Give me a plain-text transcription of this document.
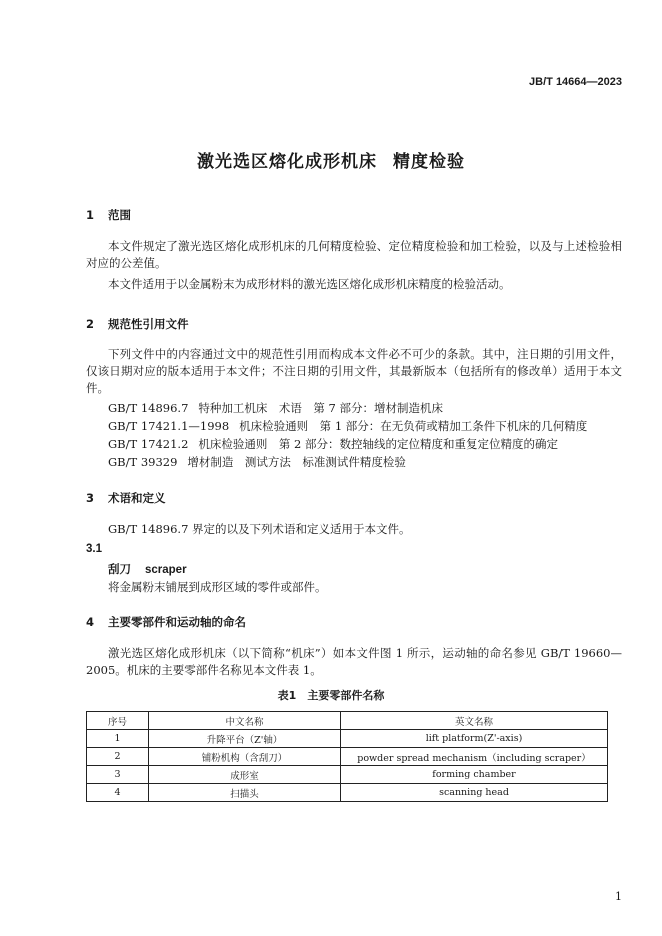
JB/T 14664—2023
激光选区熔化成形机床 精度检验
1 范围
本文件规定了激光选区熔化成形机床的几何精度检验、定位精度检验和加工检验，以及与上述检验相对应的公差值。
本文件适用于以金属粉末为成形材料的激光选区熔化成形机床精度的检验活动。
2 规范性引用文件
下列文件中的内容通过文中的规范性引用而构成本文件必不可少的条款。其中，注日期的引用文件，仅该日期对应的版本适用于本文件；不注日期的引用文件，其最新版本（包括所有的修改单）适用于本文件。
GB/T 14896.7 特种加工机床　术语　第 7 部分：增材制造机床
GB/T 17421.1—1998 机床检验通则　第 1 部分：在无负荷或精加工条件下机床的几何精度
GB/T 17421.2 机床检验通则　第 2 部分：数控轴线的定位精度和重复定位精度的确定
GB/T 39329 增材制造　测试方法　标准测试件精度检验
3 术语和定义
GB/T 14896.7 界定的以及下列术语和定义适用于本文件。
3.1
刮刀 scraper
将金属粉末铺展到成形区域的零件或部件。
4 主要零部件和运动轴的命名
激光选区熔化成形机床（以下简称“机床”）如本文件图 1 所示，运动轴的命名参见 GB/T 19660—2005。机床的主要零部件名称见本文件表 1。
表1　主要零部件名称
序号	中文名称	英文名称
1	升降平台（Z'轴）	lift platform(Z'-axis)
2	铺粉机构（含刮刀）	powder spread mechanism（including scraper）
3	成形室	forming chamber
4	扫描头	scanning head
1
